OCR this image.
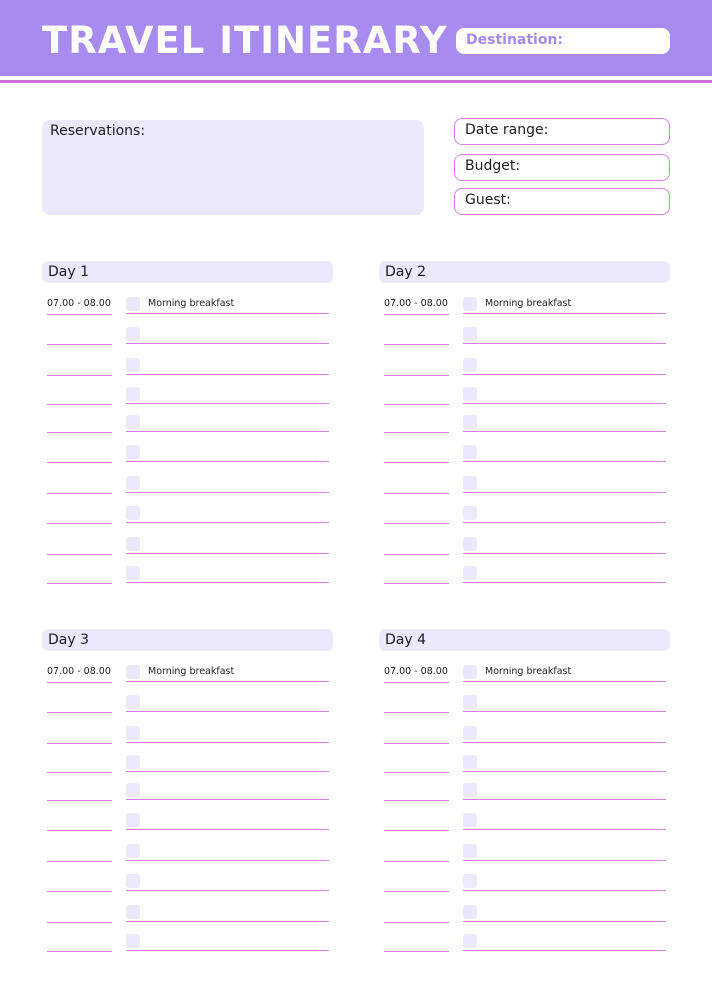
TRAVEL ITINERARY	Destination:
Reservations:	Date range:
Budget:
Guest:
Day 1
07.00 - 08.00	Morning breakfast
Day 2
07.00 - 08.00	Morning breakfast
Day 3
07.00 - 08.00	Morning breakfast
Day 4
07.00 - 08.00	Morning breakfast
